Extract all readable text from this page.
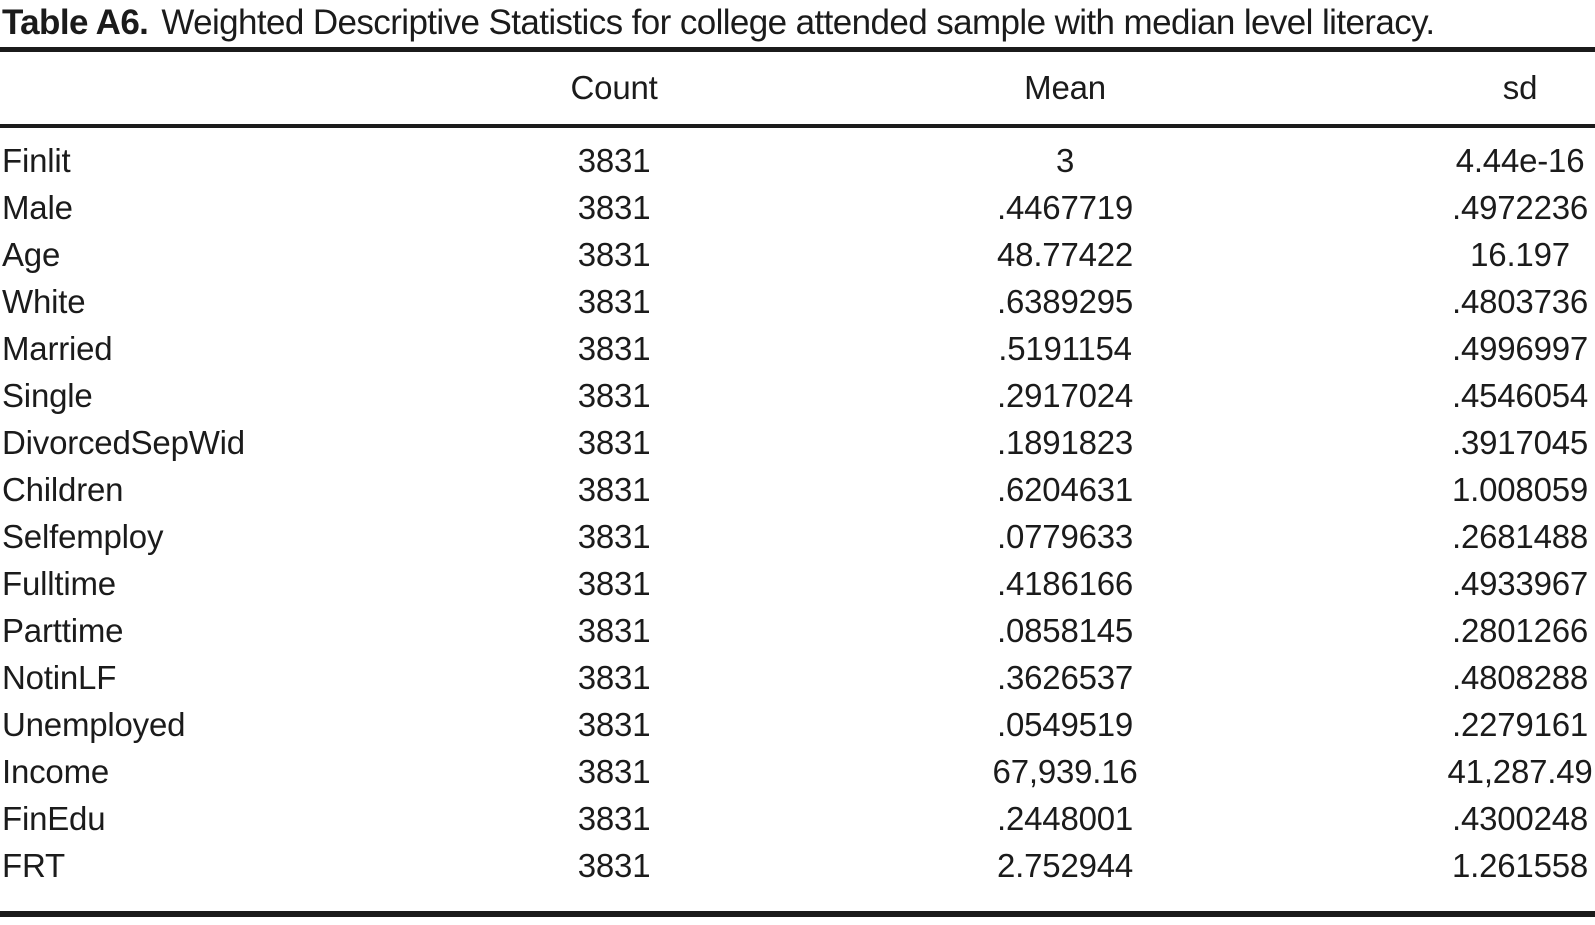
Table A6. Weighted Descriptive Statistics for college attended sample with median level literacy.
	Count	Mean	sd
Finlit	3831	3	4.44e-16
Male	3831	.4467719	.4972236
Age	3831	48.77422	16.197
White	3831	.6389295	.4803736
Married	3831	.5191154	.4996997
Single	3831	.2917024	.4546054
DivorcedSepWid	3831	.1891823	.3917045
Children	3831	.6204631	1.008059
Selfemploy	3831	.0779633	.2681488
Fulltime	3831	.4186166	.4933967
Parttime	3831	.0858145	.2801266
NotinLF	3831	.3626537	.4808288
Unemployed	3831	.0549519	.2279161
Income	3831	67,939.16	41,287.49
FinEdu	3831	.2448001	.4300248
FRT	3831	2.752944	1.261558
